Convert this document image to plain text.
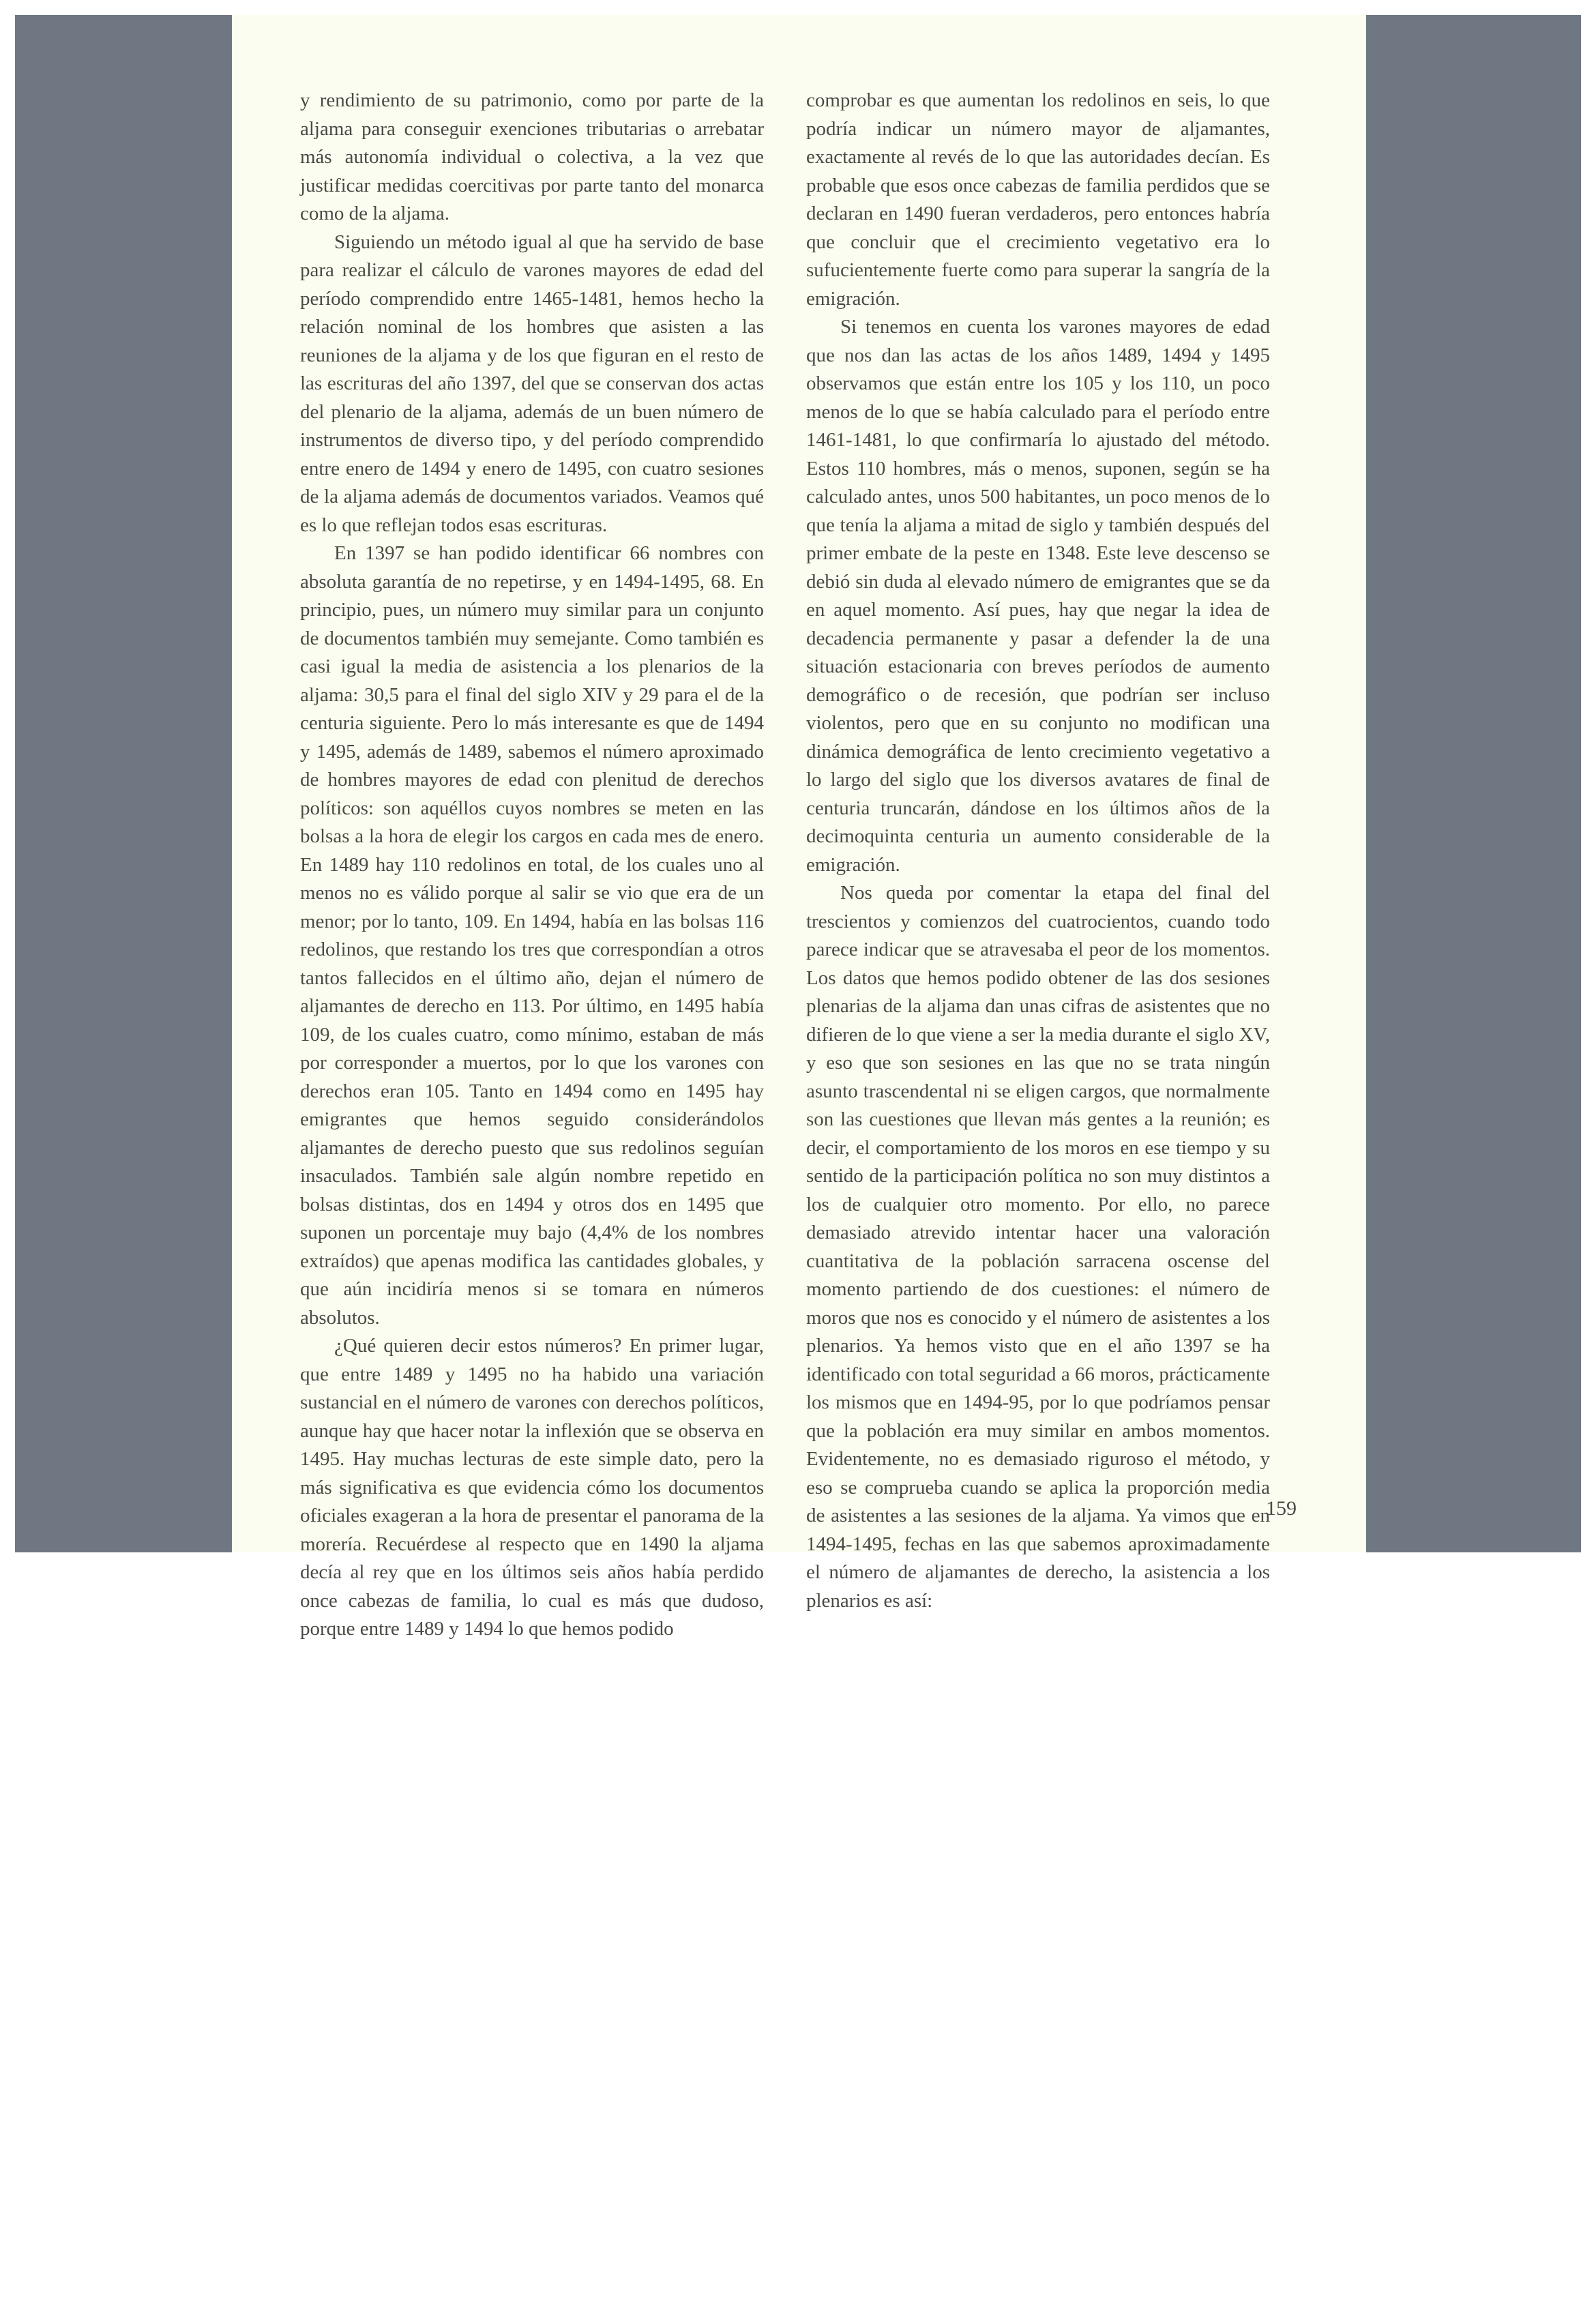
y rendimiento de su patrimonio, como por parte de la aljama para conseguir exenciones tributarias o arrebatar más autonomía individual o colectiva, a la vez que justificar medidas coercitivas por parte tanto del monarca como de la aljama.

Siguiendo un método igual al que ha servido de base para realizar el cálculo de varones mayores de edad del período comprendido entre 1465-1481, hemos hecho la relación nominal de los hombres que asisten a las reuniones de la aljama y de los que figuran en el resto de las escrituras del año 1397, del que se conservan dos actas del plenario de la aljama, además de un buen número de instrumentos de diverso tipo, y del período comprendido entre enero de 1494 y enero de 1495, con cuatro sesiones de la aljama además de documentos variados. Veamos qué es lo que reflejan todos esas escrituras.

En 1397 se han podido identificar 66 nombres con absoluta garantía de no repetirse, y en 1494-1495, 68. En principio, pues, un número muy similar para un conjunto de documentos también muy semejante. Como también es casi igual la media de asistencia a los plenarios de la aljama: 30,5 para el final del siglo XIV y 29 para el de la centuria siguiente. Pero lo más interesante es que de 1494 y 1495, además de 1489, sabemos el número aproximado de hombres mayores de edad con plenitud de derechos políticos: son aquéllos cuyos nombres se meten en las bolsas a la hora de elegir los cargos en cada mes de enero. En 1489 hay 110 redolinos en total, de los cuales uno al menos no es válido porque al salir se vio que era de un menor; por lo tanto, 109. En 1494, había en las bolsas 116 redolinos, que restando los tres que correspondían a otros tantos fallecidos en el último año, dejan el número de aljamantes de derecho en 113. Por último, en 1495 había 109, de los cuales cuatro, como mínimo, estaban de más por corresponder a muertos, por lo que los varones con derechos eran 105. Tanto en 1494 como en 1495 hay emigrantes que hemos seguido considerándolos aljamantes de derecho puesto que sus redolinos seguían insaculados. También sale algún nombre repetido en bolsas distintas, dos en 1494 y otros dos en 1495 que suponen un porcentaje muy bajo (4,4% de los nombres extraídos) que apenas modifica las cantidades globales, y que aún incidiría menos si se tomara en números absolutos.

¿Qué quieren decir estos números? En primer lugar, que entre 1489 y 1495 no ha habido una variación sustancial en el número de varones con derechos políticos, aunque hay que hacer notar la inflexión que se observa en 1495. Hay muchas lecturas de este simple dato, pero la más significativa es que evidencia cómo los documentos oficiales exageran a la hora de presentar el panorama de la morería. Recuérdese al respecto que en 1490 la aljama decía al rey que en los últimos seis años había perdido once cabezas de familia, lo cual es más que dudoso, porque entre 1489 y 1494 lo que hemos podido

comprobar es que aumentan los redolinos en seis, lo que podría indicar un número mayor de aljamantes, exactamente al revés de lo que las autoridades decían. Es probable que esos once cabezas de familia perdidos que se declaran en 1490 fueran verdaderos, pero entonces habría que concluir que el crecimiento vegetativo era lo sufucientemente fuerte como para superar la sangría de la emigración.

Si tenemos en cuenta los varones mayores de edad que nos dan las actas de los años 1489, 1494 y 1495 observamos que están entre los 105 y los 110, un poco menos de lo que se había calculado para el período entre 1461-1481, lo que confirmaría lo ajustado del método. Estos 110 hombres, más o menos, suponen, según se ha calculado antes, unos 500 habitantes, un poco menos de lo que tenía la aljama a mitad de siglo y también después del primer embate de la peste en 1348. Este leve descenso se debió sin duda al elevado número de emigrantes que se da en aquel momento. Así pues, hay que negar la idea de decadencia permanente y pasar a defender la de una situación estacionaria con breves períodos de aumento demográfico o de recesión, que podrían ser incluso violentos, pero que en su conjunto no modifican una dinámica demográfica de lento crecimiento vegetativo a lo largo del siglo que los diversos avatares de final de centuria truncarán, dándose en los últimos años de la decimoquinta centuria un aumento considerable de la emigración.

Nos queda por comentar la etapa del final del trescientos y comienzos del cuatrocientos, cuando todo parece indicar que se atravesaba el peor de los momentos. Los datos que hemos podido obtener de las dos sesiones plenarias de la aljama dan unas cifras de asistentes que no difieren de lo que viene a ser la media durante el siglo XV, y eso que son sesiones en las que no se trata ningún asunto trascendental ni se eligen cargos, que normalmente son las cuestiones que llevan más gentes a la reunión; es decir, el comportamiento de los moros en ese tiempo y su sentido de la participación política no son muy distintos a los de cualquier otro momento. Por ello, no parece demasiado atrevido intentar hacer una valoración cuantitativa de la población sarracena oscense del momento partiendo de dos cuestiones: el número de moros que nos es conocido y el número de asistentes a los plenarios. Ya hemos visto que en el año 1397 se ha identificado con total seguridad a 66 moros, prácticamente los mismos que en 1494-95, por lo que podríamos pensar que la población era muy similar en ambos momentos. Evidentemente, no es demasiado riguroso el método, y eso se comprueba cuando se aplica la proporción media de asistentes a las sesiones de la aljama. Ya vimos que en 1494-1495, fechas en las que sabemos aproximadamente el número de aljamantes de derecho, la asistencia a los plenarios es así:

159
